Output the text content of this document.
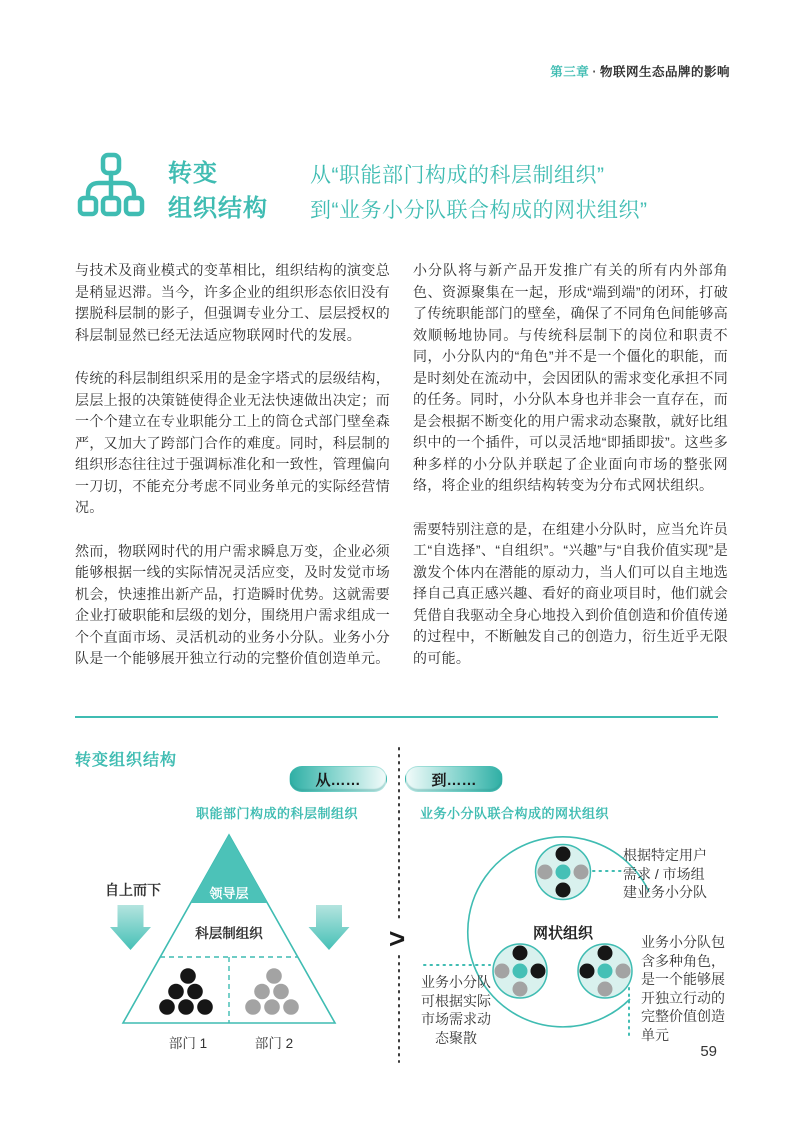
第三章 · 物联网生态品牌的影响
转变
组织结构
从“职能部门构成的科层制组织”
到“业务小分队联合构成的网状组织”

与技术及商业模式的变革相比，组织结构的演变总是稍显迟滞。当今，许多企业的组织形态依旧没有摆脱科层制的影子，但强调专业分工、层层授权的科层制显然已经无法适应物联网时代的发展。

传统的科层制组织采用的是金字塔式的层级结构，层层上报的决策链使得企业无法快速做出决定；而一个个建立在专业职能分工上的筒仓式部门壁垒森严，又加大了跨部门合作的难度。同时，科层制的组织形态往往过于强调标准化和一致性，管理偏向一刀切，不能充分考虑不同业务单元的实际经营情况。

然而，物联网时代的用户需求瞬息万变，企业必须能够根据一线的实际情况灵活应变，及时发觉市场机会，快速推出新产品，打造瞬时优势。这就需要企业打破职能和层级的划分，围绕用户需求组成一个个直面市场、灵活机动的业务小分队。业务小分队是一个能够展开独立行动的完整价值创造单元。

小分队将与新产品开发推广有关的所有内外部角色、资源聚集在一起，形成“端到端”的闭环，打破了传统职能部门的壁垒，确保了不同角色间能够高效顺畅地协同。与传统科层制下的岗位和职责不同，小分队内的“角色”并不是一个僵化的职能，而是时刻处在流动中，会因团队的需求变化承担不同的任务。同时，小分队本身也并非会一直存在，而是会根据不断变化的用户需求动态聚散，就好比组织中的一个插件，可以灵活地“即插即拔”。这些多种多样的小分队并联起了企业面向市场的整张网络，将企业的组织结构转变为分布式网状组织。

需要特别注意的是，在组建小分队时，应当允许员工“自选择”、“自组织”。“兴趣”与“自我价值实现”是激发个体内在潜能的原动力，当人们可以自主地选择自己真正感兴趣、看好的商业项目时，他们就会凭借自我驱动全身心地投入到价值创造和价值传递的过程中，不断触发自己的创造力，衍生近乎无限的可能。

转变组织结构
从……	到……
>
职能部门构成的科层制组织	业务小分队联合构成的网状组织
自上而下	领导层
科层制组织
部门 1	部门 2
网状组织
根据特定用户
需求 / 市场组
建业务小分队
业务小分队
可根据实际
市场需求动
态聚散
业务小分队包
含多种角色，
是一个能够展
开独立行动的
完整价值创造
单元
59
